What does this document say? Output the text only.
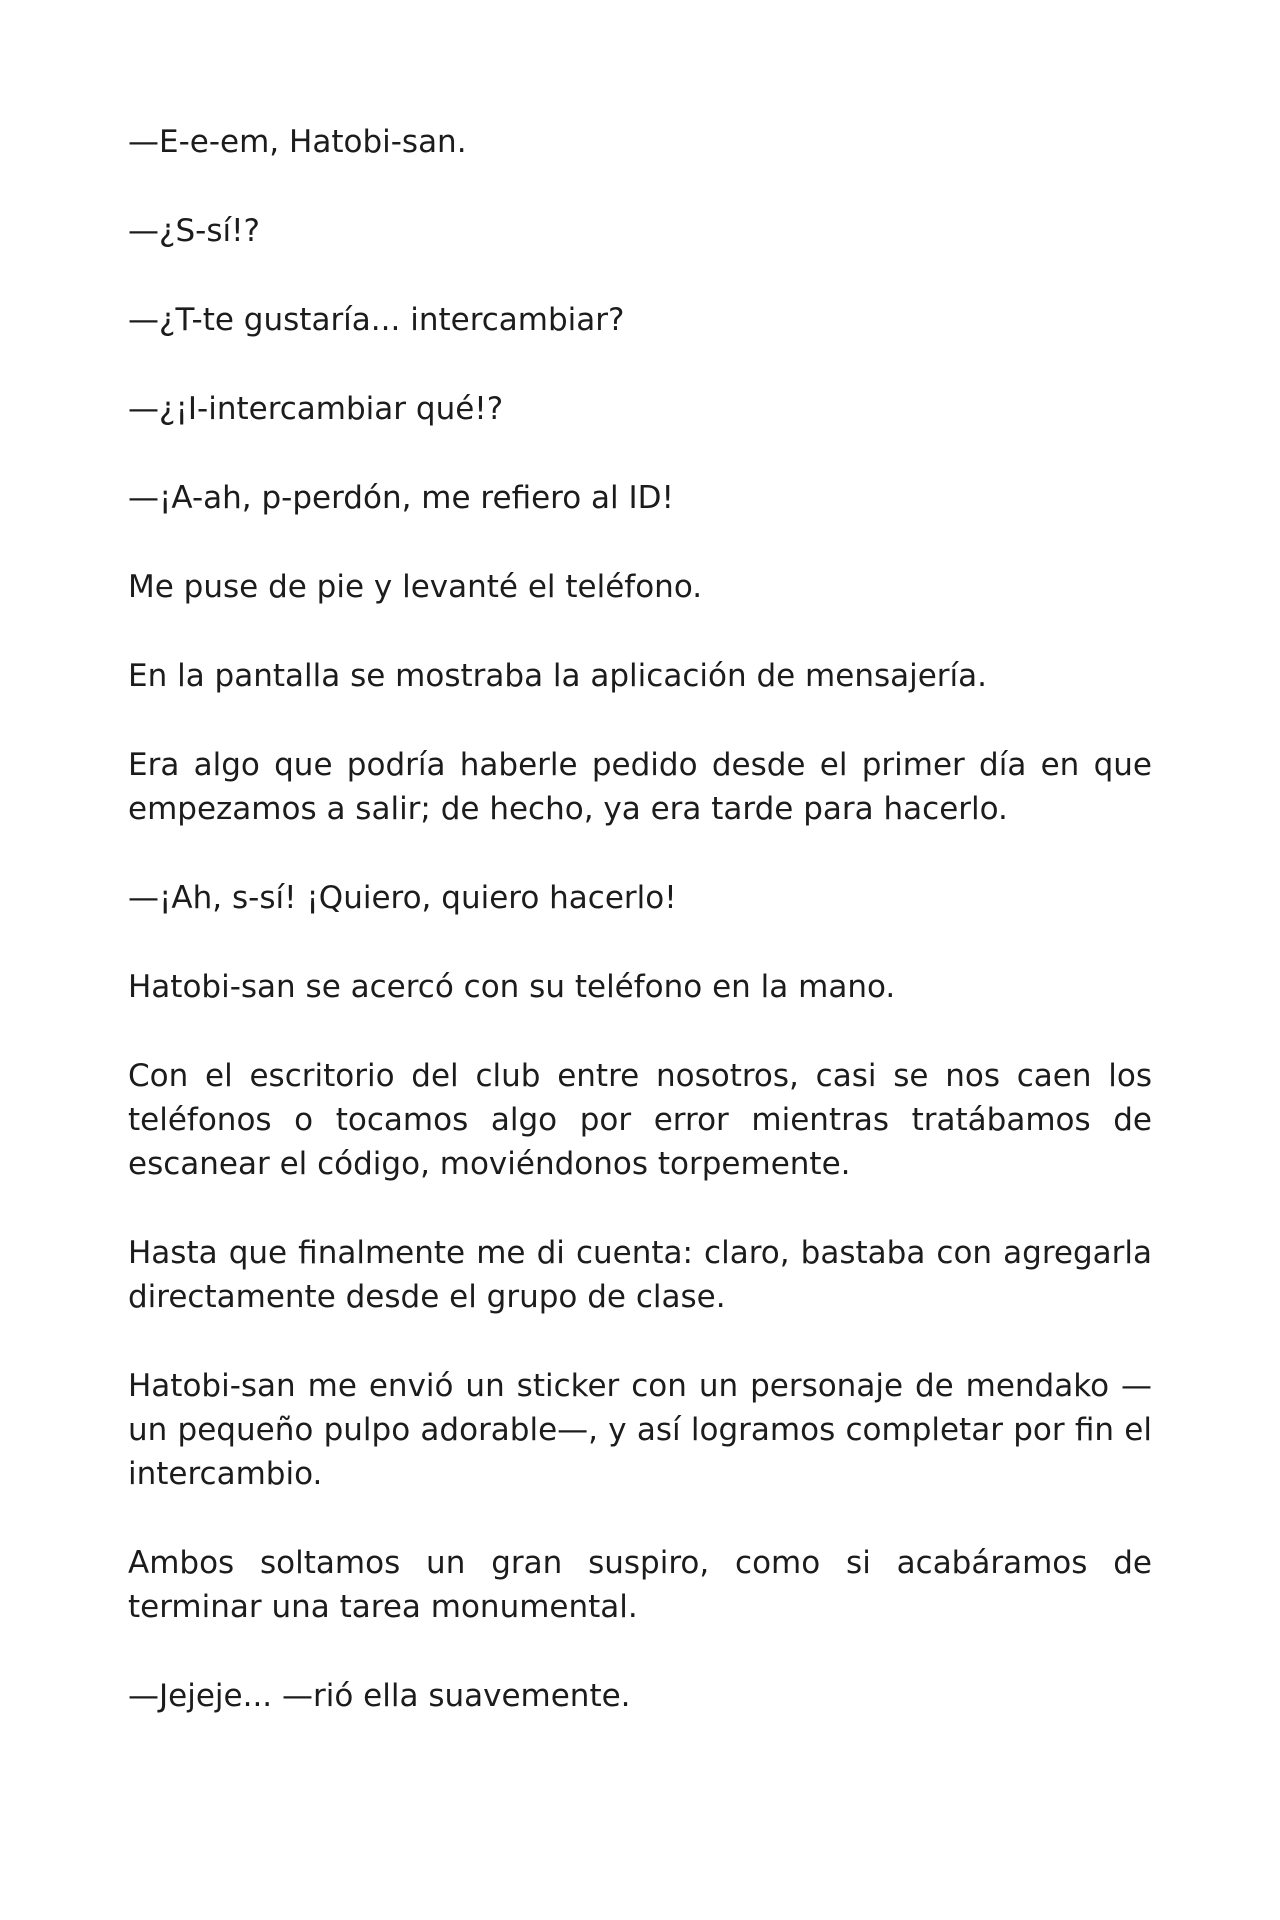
—E-e-em, Hatobi-san.

—¿S-sí!?

—¿T-te gustaría... intercambiar?

—¿¡I-intercambiar qué!?

—¡A-ah, p-perdón, me refiero al ID!

Me puse de pie y levanté el teléfono.

En la pantalla se mostraba la aplicación de mensajería.

Era algo que podría haberle pedido desde el primer día en que empezamos a salir; de hecho, ya era tarde para hacerlo.

—¡Ah, s-sí! ¡Quiero, quiero hacerlo!

Hatobi-san se acercó con su teléfono en la mano.

Con el escritorio del club entre nosotros, casi se nos caen los teléfonos o tocamos algo por error mientras tratábamos de escanear el código, moviéndonos torpemente.

Hasta que finalmente me di cuenta: claro, bastaba con agregarla directamente desde el grupo de clase.

Hatobi-san me envió un sticker con un personaje de mendako —un pequeño pulpo adorable—, y así logramos completar por fin el intercambio.

Ambos soltamos un gran suspiro, como si acabáramos de terminar una tarea monumental.

—Jejeje... —rió ella suavemente.
